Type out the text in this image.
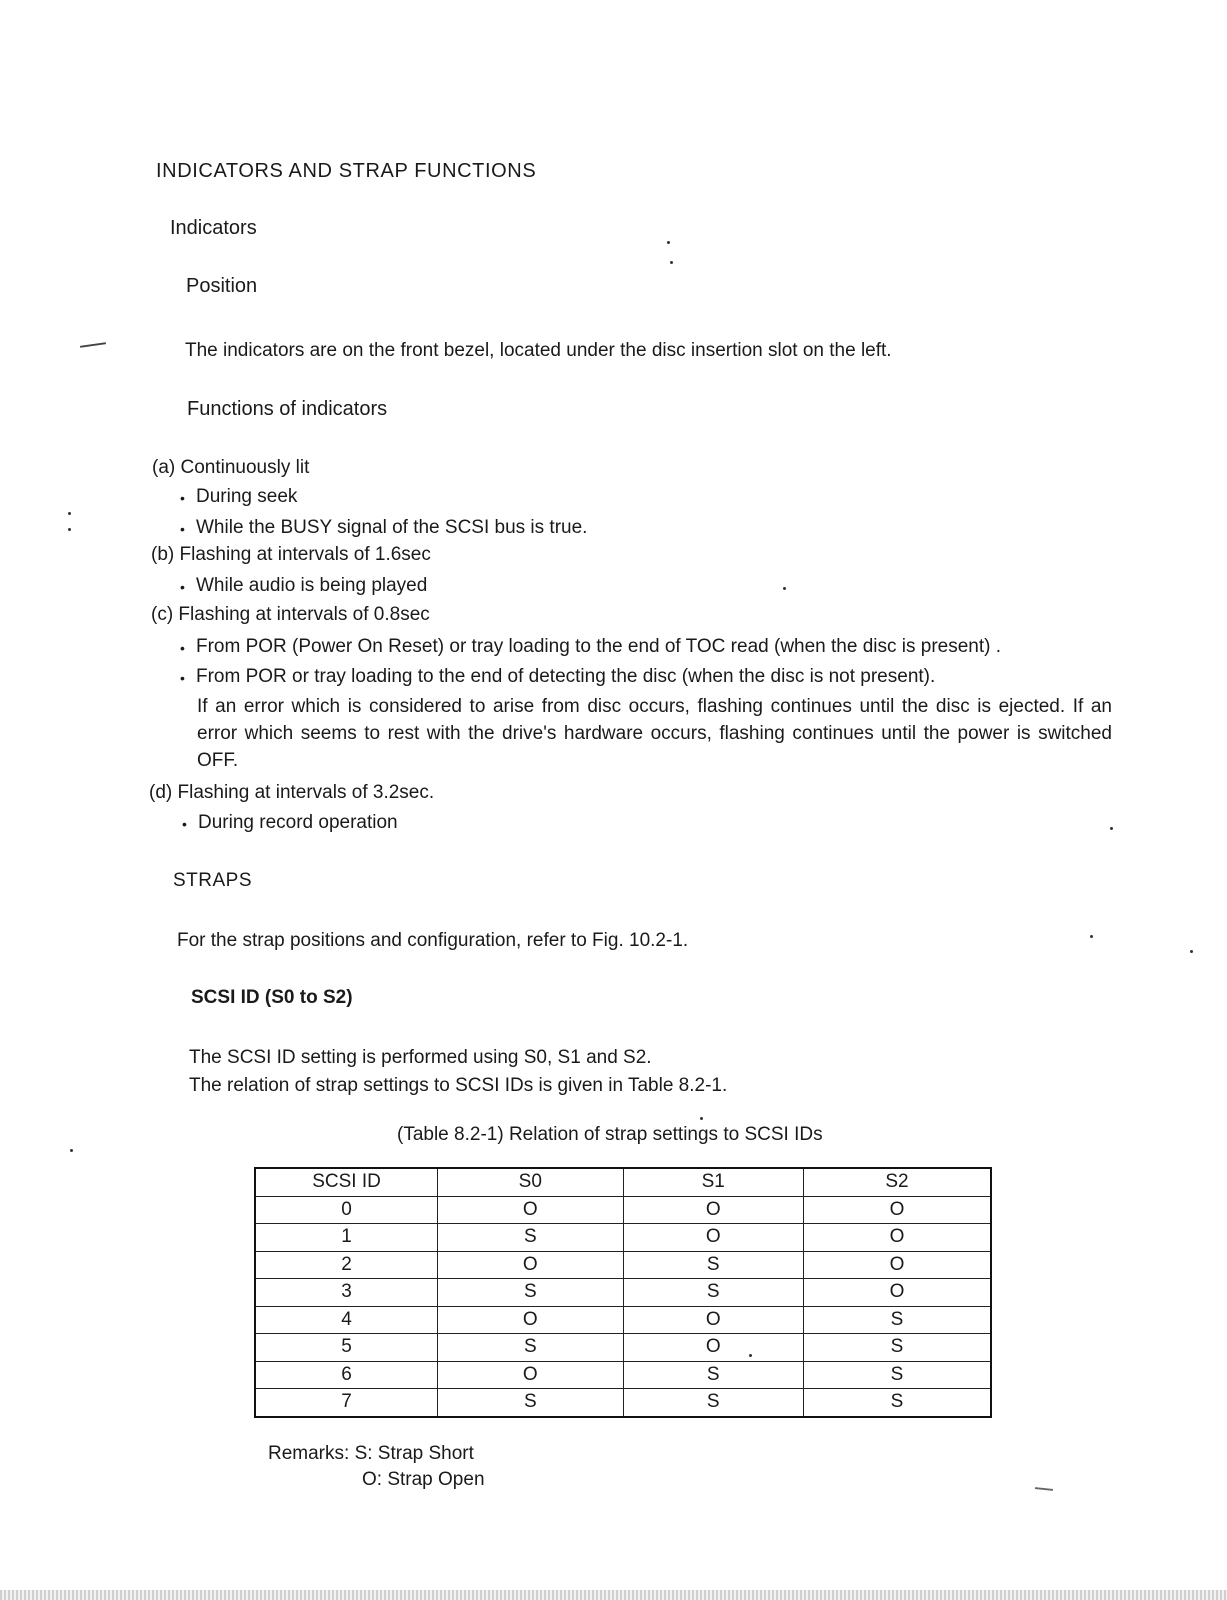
INDICATORS AND STRAP FUNCTIONS
Indicators
Position
The indicators are on the front bezel, located under the disc insertion slot on the left.
Functions of indicators
(a) Continuously lit
• During seek
• While the BUSY signal of the SCSI bus is true.
(b) Flashing at intervals of 1.6sec
• While audio is being played
(c) Flashing at intervals of 0.8sec
• From POR (Power On Reset) or tray loading to the end of TOC read (when the disc is present) .
• From POR or tray loading to the end of detecting the disc (when the disc is not present).
If an error which is considered to arise from disc occurs, flashing continues until the disc is ejected. If an error which seems to rest with the drive's hardware occurs, flashing continues until the power is switched OFF.
(d) Flashing at intervals of 3.2sec.
• During record operation
STRAPS
For the strap positions and configuration, refer to Fig. 10.2-1.
SCSI ID (S0 to S2)
The SCSI ID setting is performed using S0, S1 and S2.
The relation of strap settings to SCSI IDs is given in Table 8.2-1.
(Table 8.2-1) Relation of strap settings to SCSI IDs
SCSI ID	S0	S1	S2
0	O	O	O
1	S	O	O
2	O	S	O
3	S	S	O
4	O	O	S
5	S	O	S
6	O	S	S
7	S	S	S
Remarks: S: Strap Short
O: Strap Open
